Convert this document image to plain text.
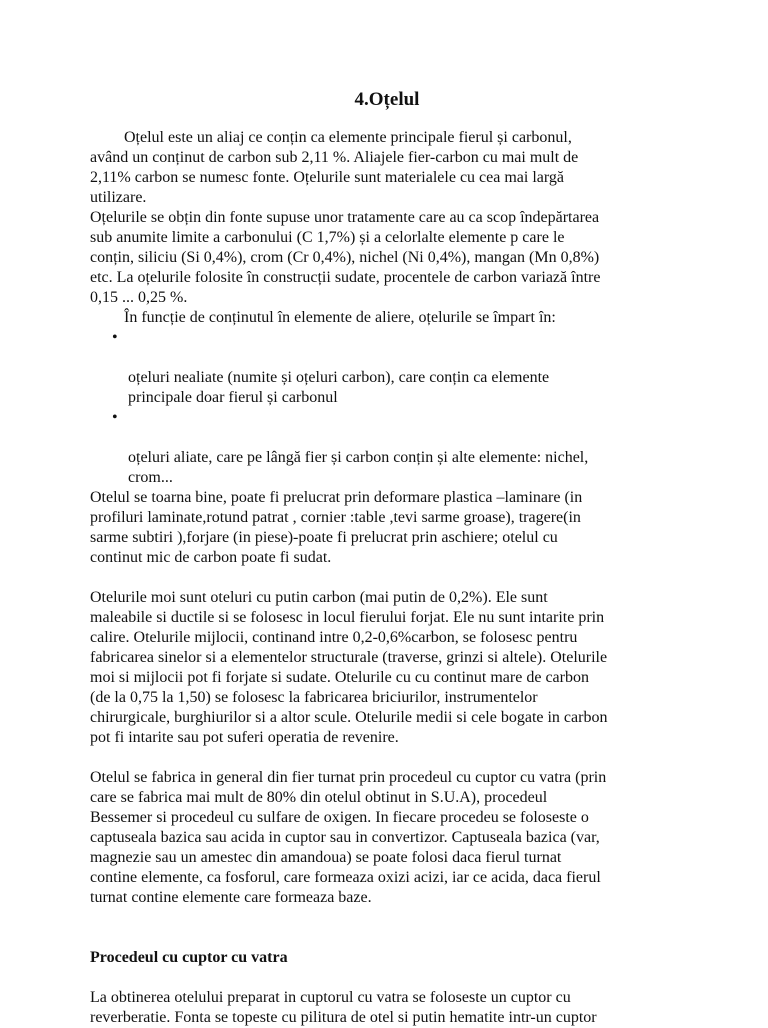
4.Oțelul

Oțelul este un aliaj ce conțin ca elemente principale fierul și carbonul,
având un conținut de carbon sub 2,11 %. Aliajele fier-carbon cu mai mult de
2,11% carbon se numesc fonte. Oțelurile sunt materialele cu cea mai largă
utilizare.

Oțelurile se obțin din fonte supuse unor tratamente care au ca scop îndepărtarea
sub anumite limite a carbonului (C 1,7%) și a celorlalte elemente p care le
conțin, siliciu (Si 0,4%), crom (Cr 0,4%), nichel (Ni 0,4%), mangan (Mn 0,8%)
etc. La oțelurile folosite în construcții sudate, procentele de carbon variază între
0,15 ... 0,25 %.

În funcție de conținutul în elemente de aliere, oțelurile se împart în:

•

oțeluri nealiate (numite și oțeluri carbon), care conțin ca elemente
principale doar fierul și carbonul

•

oțeluri aliate, care pe lângă fier și carbon conțin și alte elemente: nichel,
crom...

Otelul se toarna bine, poate fi prelucrat prin deformare plastica –laminare (in
profiluri laminate,rotund patrat , cornier :table ,tevi sarme groase), tragere(in
sarme subtiri ),forjare (in piese)-poate fi prelucrat prin aschiere; otelul cu
continut mic de carbon poate fi sudat.

Otelurile moi sunt oteluri cu putin carbon (mai putin de 0,2%). Ele sunt
maleabile si ductile si se folosesc in locul fierului forjat. Ele nu sunt intarite prin
calire. Otelurile mijlocii, continand intre 0,2-0,6%carbon, se folosesc pentru
fabricarea sinelor si a elementelor structurale (traverse, grinzi si altele). Otelurile
moi si mijlocii pot fi forjate si sudate. Otelurile cu cu continut mare de carbon
(de la 0,75 la 1,50) se folosesc la fabricarea briciurilor, instrumentelor
chirurgicale, burghiurilor si a altor scule. Otelurile medii si cele bogate in carbon
pot fi intarite sau pot suferi operatia de revenire.

Otelul se fabrica in general din fier turnat prin procedeul cu cuptor cu vatra (prin
care se fabrica mai mult de 80% din otelul obtinut in S.U.A), procedeul
Bessemer si procedeul cu sulfare de oxigen. In fiecare procedeu se foloseste o
captuseala bazica sau acida in cuptor sau in convertizor. Captuseala bazica (var,
magnezie sau un amestec din amandoua) se poate folosi daca fierul turnat
contine elemente, ca fosforul, care formeaza oxizi acizi, iar ce acida, daca fierul
turnat contine elemente care formeaza baze.

Procedeul cu cuptor cu vatra

La obtinerea otelului preparat in cuptorul cu vatra se foloseste un cuptor cu
reverberatie. Fonta se topeste cu pilitura de otel si putin hematite intr-un cuptor
